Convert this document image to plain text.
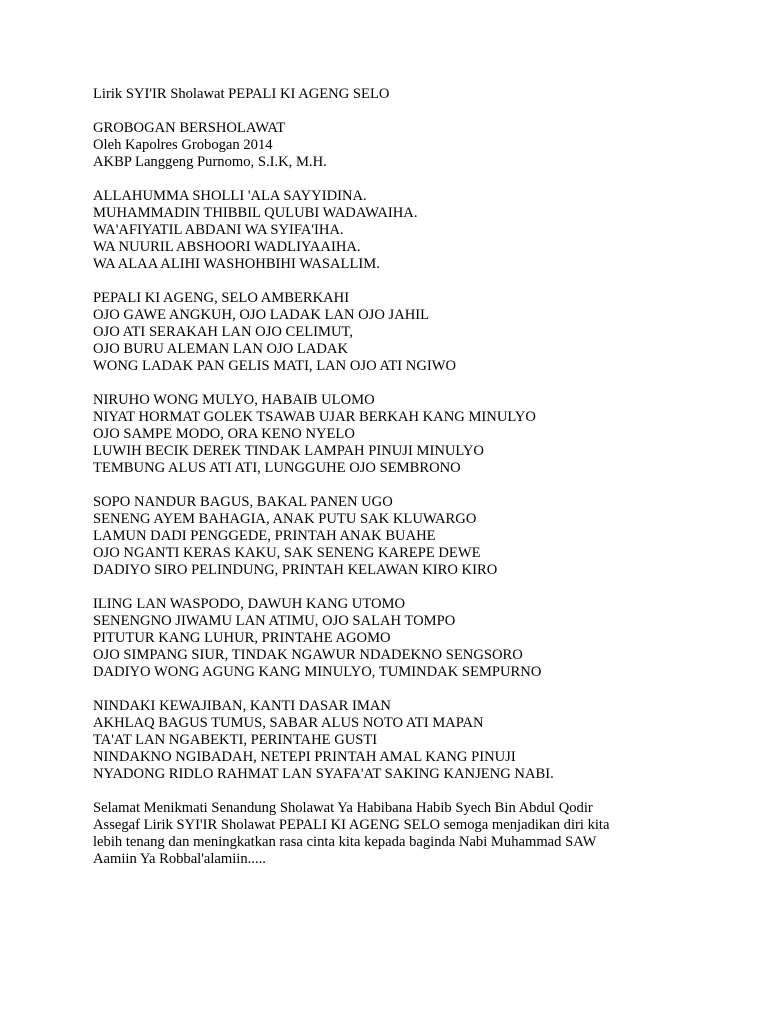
Lirik SYI'IR Sholawat PEPALI KI AGENG SELO
GROBOGAN BERSHOLAWAT
Oleh Kapolres Grobogan 2014
AKBP Langgeng Purnomo, S.I.K, M.H.
ALLAHUMMA SHOLLI 'ALA SAYYIDINA.
MUHAMMADIN THIBBIL QULUBI WADAWAIHA.
WA'AFIYATIL ABDANI WA SYIFA'IHA.
WA NUURIL ABSHOORI WADLIYAAIHA.
WA ALAA ALIHI WASHOHBIHI WASALLIM.
PEPALI KI AGENG, SELO AMBERKAHI
OJO GAWE ANGKUH, OJO LADAK LAN OJO JAHIL
OJO ATI SERAKAH LAN OJO CELIMUT,
OJO BURU ALEMAN LAN OJO LADAK
WONG LADAK PAN GELIS MATI, LAN OJO ATI NGIWO
NIRUHO WONG MULYO, HABAIB ULOMO
NIYAT HORMAT GOLEK TSAWAB UJAR BERKAH KANG MINULYO
OJO SAMPE MODO, ORA KENO NYELO
LUWIH BECIK DEREK TINDAK LAMPAH PINUJI MINULYO
TEMBUNG ALUS ATI ATI, LUNGGUHE OJO SEMBRONO
SOPO NANDUR BAGUS, BAKAL PANEN UGO
SENENG AYEM BAHAGIA, ANAK PUTU SAK KLUWARGO
LAMUN DADI PENGGEDE, PRINTAH ANAK BUAHE
OJO NGANTI KERAS KAKU, SAK SENENG KAREPE DEWE
DADIYO SIRO PELINDUNG, PRINTAH KELAWAN KIRO KIRO
ILING LAN WASPODO, DAWUH KANG UTOMO
SENENGNO JIWAMU LAN ATIMU, OJO SALAH TOMPO
PITUTUR KANG LUHUR, PRINTAHE AGOMO
OJO SIMPANG SIUR, TINDAK NGAWUR NDADEKNO SENGSORO
DADIYO WONG AGUNG KANG MINULYO, TUMINDAK SEMPURNO
NINDAKI KEWAJIBAN, KANTI DASAR IMAN
AKHLAQ BAGUS TUMUS, SABAR ALUS NOTO ATI MAPAN
TA'AT LAN NGABEKTI, PERINTAHE GUSTI
NINDAKNO NGIBADAH, NETEPI PRINTAH AMAL KANG PINUJI
NYADONG RIDLO RAHMAT LAN SYAFA'AT SAKING KANJENG NABI.
Selamat Menikmati Senandung Sholawat Ya Habibana Habib Syech Bin Abdul Qodir
Assegaf Lirik SYI'IR Sholawat PEPALI KI AGENG SELO semoga menjadikan diri kita
lebih tenang dan meningkatkan rasa cinta kita kepada baginda Nabi Muhammad SAW
Aamiin Ya Robbal'alamiin.....
